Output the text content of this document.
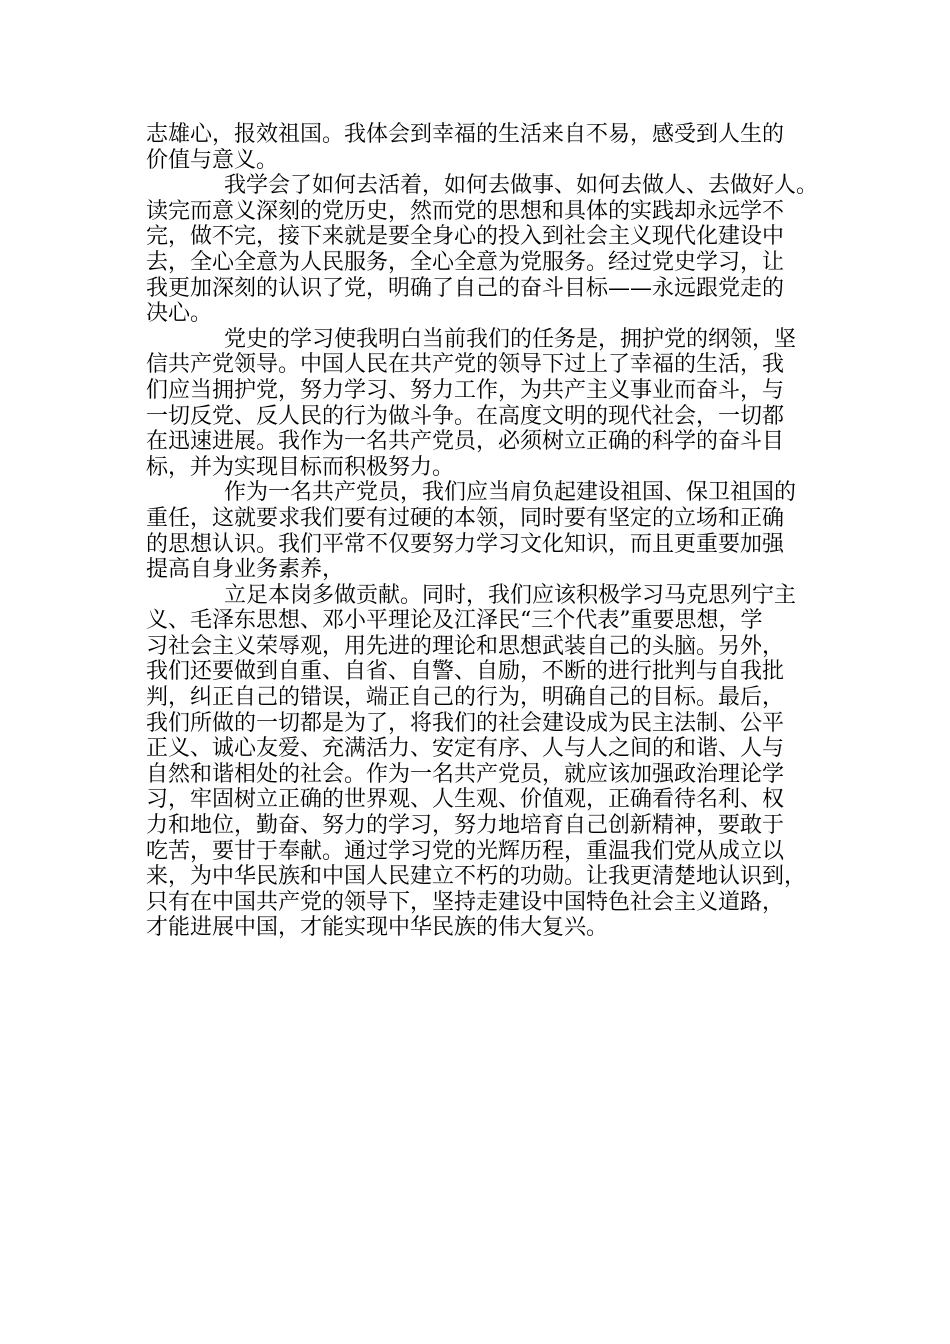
志雄心，报效祖国。我体会到幸福的生活来自不易，感受到人生的
价值与意义。
我学会了如何去活着，如何去做事、如何去做人、去做好人。
读完而意义深刻的党历史，然而党的思想和具体的实践却永远学不
完，做不完，接下来就是要全身心的投入到社会主义现代化建设中
去，全心全意为人民服务，全心全意为党服务。经过党史学习，让
我更加深刻的认识了党，明确了自己的奋斗目标——永远跟党走的
决心。
党史的学习使我明白当前我们的任务是，拥护党的纲领，坚
信共产党领导。中国人民在共产党的领导下过上了幸福的生活，我
们应当拥护党，努力学习、努力工作，为共产主义事业而奋斗，与
一切反党、反人民的行为做斗争。在高度文明的现代社会，一切都
在迅速进展。我作为一名共产党员，必须树立正确的科学的奋斗目
标，并为实现目标而积极努力。
作为一名共产党员，我们应当肩负起建设祖国、保卫祖国的
重任，这就要求我们要有过硬的本领，同时要有坚定的立场和正确
的思想认识。我们平常不仅要努力学习文化知识，而且更重要加强
提高自身业务素养，
立足本岗多做贡献。同时，我们应该积极学习马克思列宁主
义、毛泽东思想、邓小平理论及江泽民“三个代表”重要思想，学
习社会主义荣辱观，用先进的理论和思想武装自己的头脑。另外，
我们还要做到自重、自省、自警、自励，不断的进行批判与自我批
判，纠正自己的错误，端正自己的行为，明确自己的目标。最后，
我们所做的一切都是为了，将我们的社会建设成为民主法制、公平
正义、诚心友爱、充满活力、安定有序、人与人之间的和谐、人与
自然和谐相处的社会。作为一名共产党员，就应该加强政治理论学
习，牢固树立正确的世界观、人生观、价值观，正确看待名利、权
力和地位，勤奋、努力的学习，努力地培育自己创新精神，要敢于
吃苦，要甘于奉献。通过学习党的光辉历程，重温我们党从成立以
来，为中华民族和中国人民建立不朽的功勋。让我更清楚地认识到，
只有在中国共产党的领导下，坚持走建设中国特色社会主义道路，
才能进展中国，才能实现中华民族的伟大复兴。
